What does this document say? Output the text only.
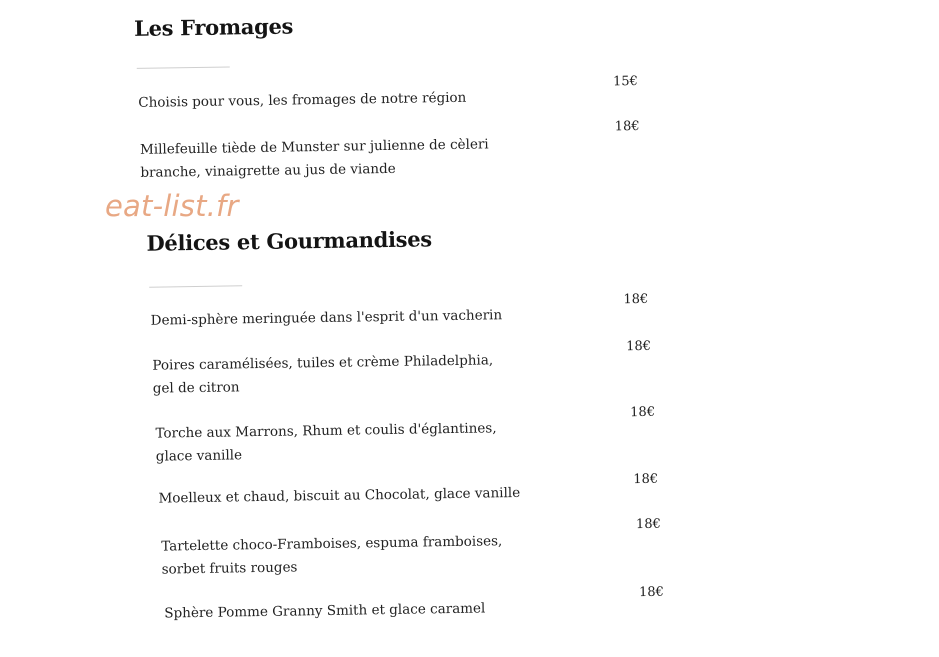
Les Fromages
Choisis pour vous, les fromages de notre région
15€
Millefeuille tiède de Munster sur julienne de cèleri branche, vinaigrette au jus de viande
18€
Délices et Gourmandises
Demi-sphère meringuée dans l'esprit d'un vacherin
18€
Poires caramélisées, tuiles et crème Philadelphia, gel de citron
18€
Torche aux Marrons, Rhum et coulis d'églantines, glace vanille
18€
Moelleux et chaud, biscuit au Chocolat, glace vanille
18€
Tartelette choco-Framboises, espuma framboises, sorbet fruits rouges
18€
Sphère Pomme Granny Smith et glace caramel
18€
eat-list.fr
